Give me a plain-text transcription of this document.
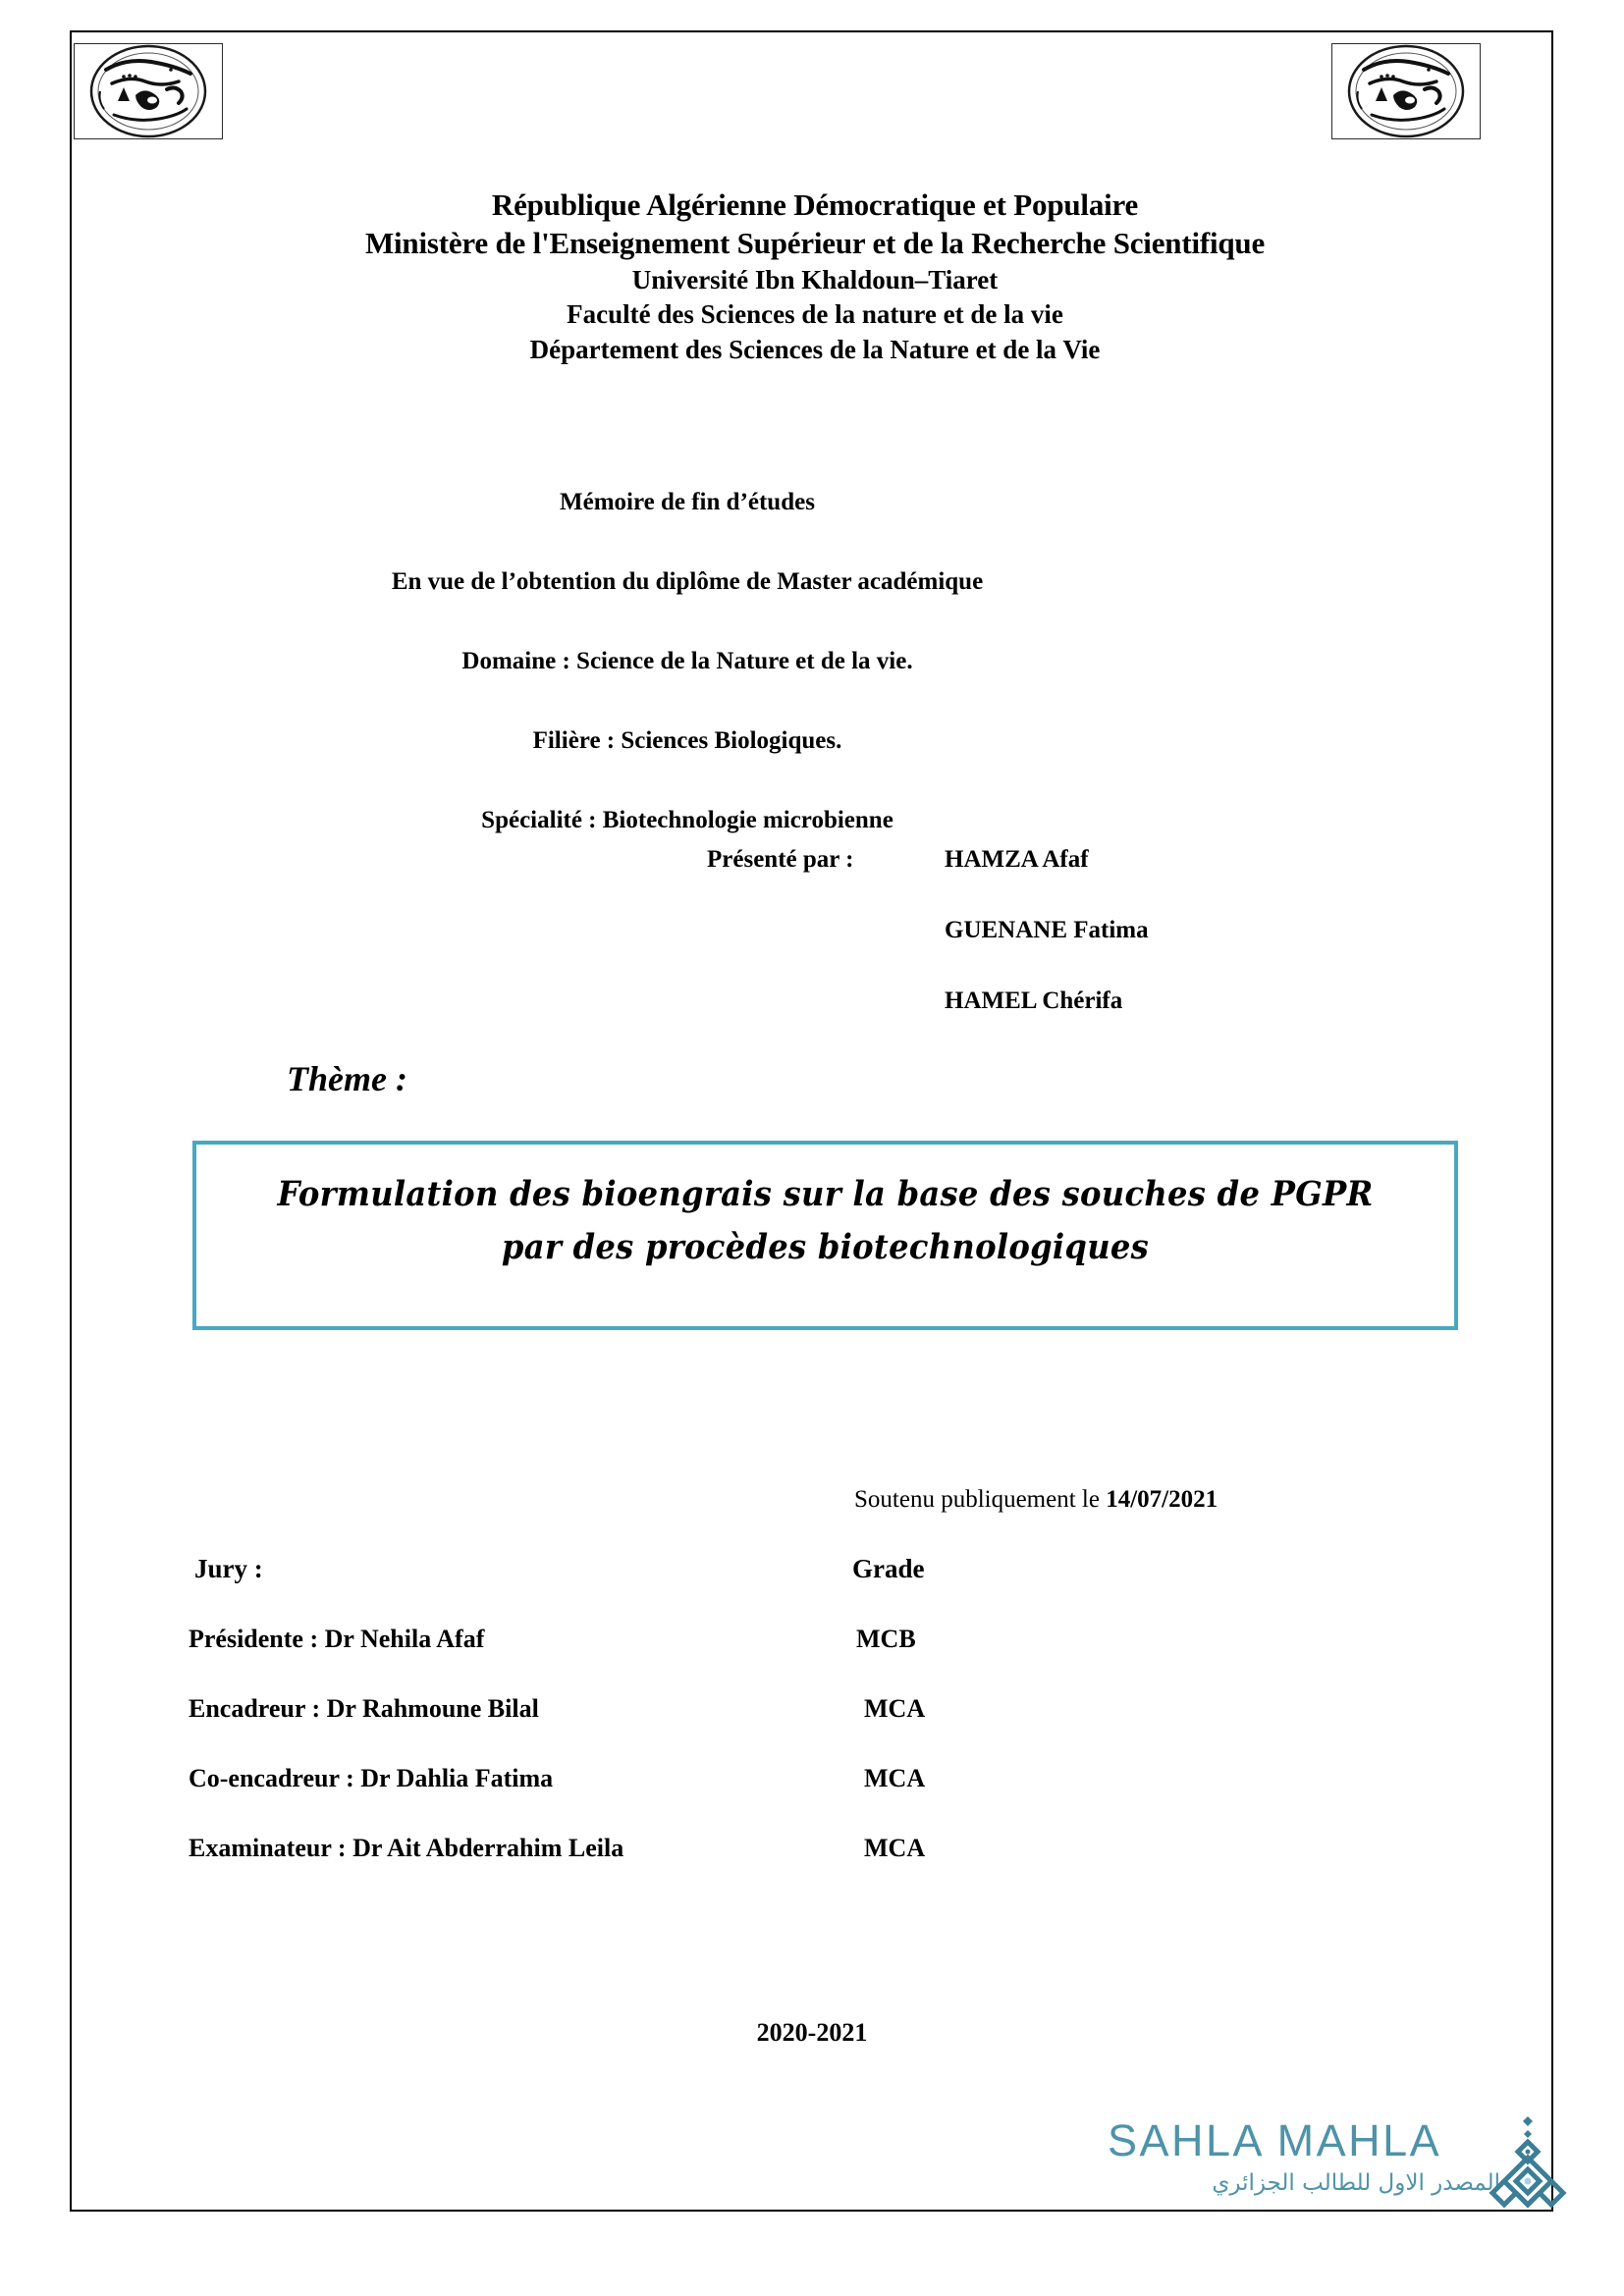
République Algérienne Démocratique et Populaire
Ministère de l'Enseignement Supérieur et de la Recherche Scientifique
Université Ibn Khaldoun–Tiaret
Faculté des Sciences de la nature et de la vie
Département des Sciences de la Nature et de la Vie
Mémoire de fin d’études
En vue de l’obtention du diplôme de Master académique
Domaine : Science de la Nature et de la vie.
Filière : Sciences Biologiques.
Spécialité : Biotechnologie microbienne
Présenté par :	HAMZA Afaf
GUENANE Fatima
HAMEL Chérifa
Thème :
Formulation des bioengrais sur la base des souches de PGPR
par des procèdes biotechnologiques
Soutenu publiquement le 14/07/2021
Jury :	Grade
Présidente : Dr Nehila Afaf	MCB
Encadreur : Dr Rahmoune Bilal	MCA
Co-encadreur : Dr Dahlia Fatima	MCA
Examinateur : Dr Ait Abderrahim Leila	MCA
2020-2021
SAHLA MAHLA
المصدر الاول للطالب الجزائري
